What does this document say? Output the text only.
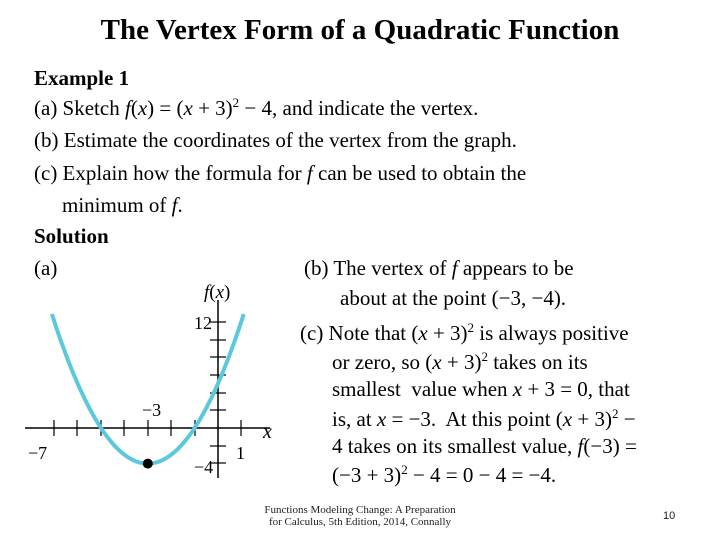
The Vertex Form of a Quadratic Function
Example 1
(a) Sketch $f(x) = (x + 3)^2 - 4$, and indicate the vertex.
(b) Estimate the coordinates of the vertex from the graph.
(c) Explain how the formula for f can be used to obtain the
minimum of f.
Solution
(a)	(b) The vertex of f appears to be
about at the point (−3, −4).
(c) Note that $(x + 3)^2$ is always positive
or zero, so $(x + 3)^2$ takes on its
smallest  value when x + 3 = 0, that
is, at x = −3.  At this point $(x + 3)^2$ −
4 takes on its smallest value, f(−3) =
$(-3 + 3)^2 - 4 = 0 - 4 = -4$.
f(x)
x
12
−3
−7
−4
1
Functions Modeling Change: A Preparation
for Calculus, 5th Edition, 2014, Connally	10
